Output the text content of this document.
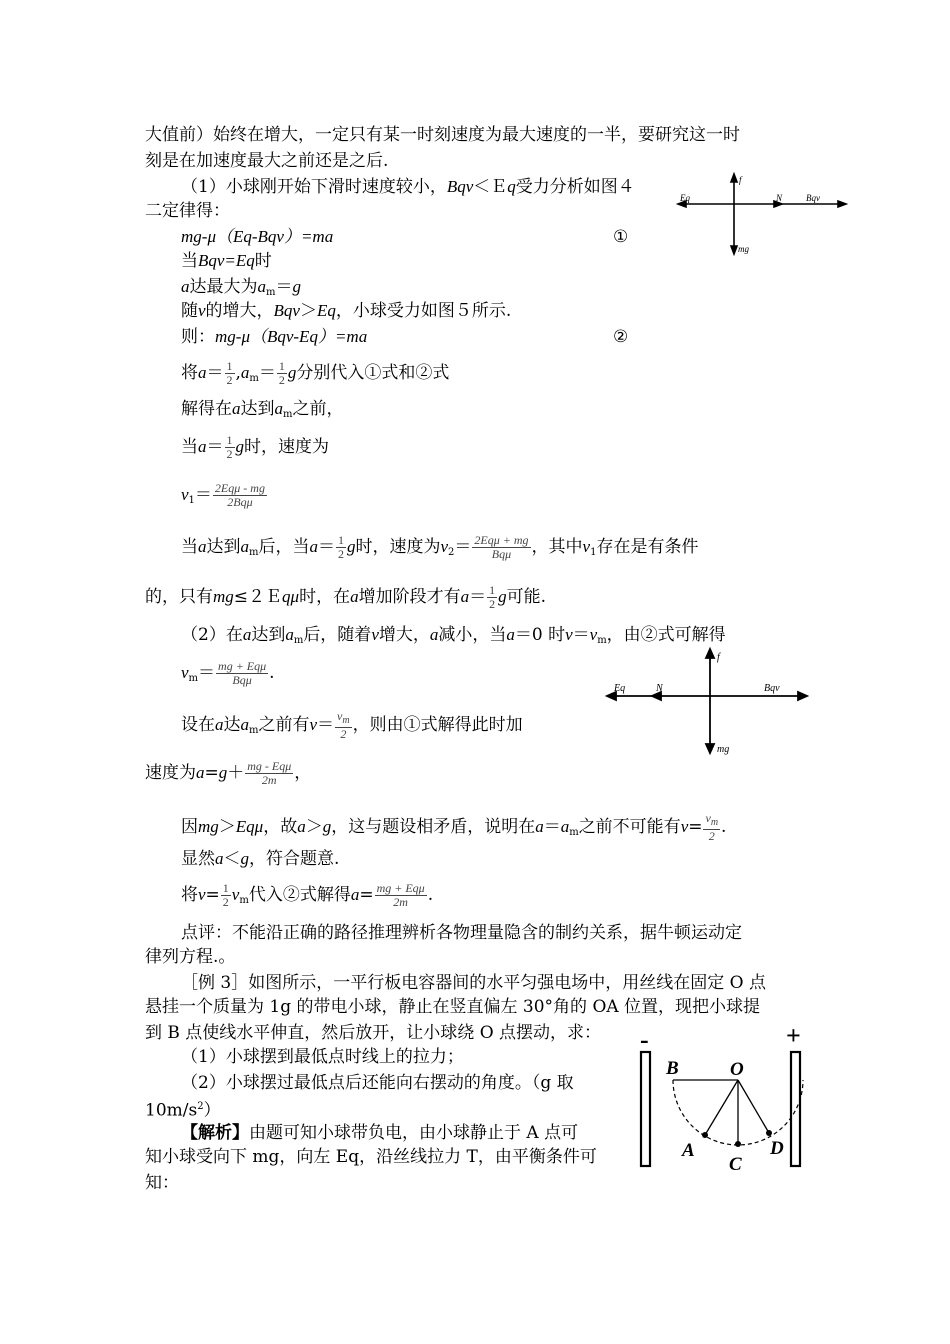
大值前）始终在增大，一定只有某一时刻速度为最大速度的一半，要研究这一时
刻是在加速度最大之前还是之后.
（1）小球刚开始下滑时速度较小，Bqv＜Ｅq受力分析如图４
二定律得：
mg-μ（Eq-Bqv）=ma	①
当Bqv=Eq时
a达最大为$a_m=g$
随v的增大，Bqv＞Eq，小球受力如图５所示.
则：mg-μ（Bqv-Eq）=ma	②
将$a= \frac{1}{2} ,a_m= \frac{1}{2}$ g分别代入①式和②式
解得在a达到$a_m$之前，
当$a= \frac{1}{2}$ g时，速度为
$v_1= \frac{\text{2Eqμ - mg}}{\text{2Bqμ}}$
当a达到$a_m$后，当$a= \frac{1}{2}$ g时，速度为$v_2= \frac{\text{2Eqμ + mg}}{\text{Bqμ}}$ ，其中$v_1$存在是有条件
的，只有mg≤２Ｅqμ时，在a增加阶段才有$a= \frac{1}{2}$ g可能.
（2）在a达到$a_m$后，随着v增大，a减小，当a＝0 时$v=v_m$，由②式可解得
$v_m= \frac{\text{mg + Eqμ}}{\text{Bqμ}}$ .
设在a达$a_m$之前有$v= \frac{v_m}{2}$ ，则由①式解得此时加
速度为$a=g+ \frac{\text{mg - Eqμ}}{2m}$ ，
因mg＞Eqμ，故a＞g，这与题设相矛盾，说明在$a=a_m$之前不可能有$v= \frac{v_m}{2}$ .
显然a＜g，符合题意.
将$v= \frac{1}{2} v_m$代入②式解得$a= \frac{\text{mg + Eqμ}}{2m}$ .
点评：不能沿正确的路径推理辨析各物理量隐含的制约关系，据牛顿运动定
律列方程.。
［例 3］如图所示，一平行板电容器间的水平匀强电场中，用丝线在固定 O 点
悬挂一个质量为 1g 的带电小球，静止在竖直偏左 30°角的 OA 位置，现把小球提
到 B 点使线水平伸直，然后放开，让小球绕 O 点摆动，求：
（1）小球摆到最低点时线上的拉力；
（2）小球摆过最低点后还能向右摆动的角度。（g 取
$10m/s^2$）
【解析】由题可知小球带负电，由小球静止于 A 点可
知小球受向下 mg，向左 Eq，沿丝线拉力 T，由平衡条件可
知：
f
Eq	N	Bqv
mg
f
Eq	N	Bqv
mg
-	+
B	O
A
C
D
